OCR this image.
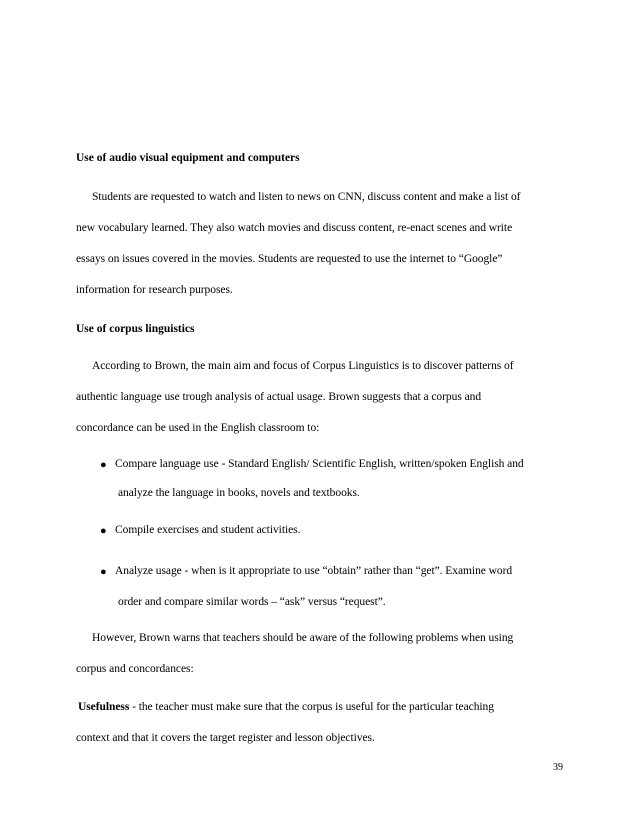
Use of audio visual equipment and computers
Students are requested to watch and listen to news on CNN, discuss content and make a list of
new vocabulary learned. They also watch movies and discuss content, re-enact scenes and write
essays on issues covered in the movies. Students are requested to use the internet to “Google”
information for research purposes.
Use of corpus linguistics
According to Brown, the main aim and focus of Corpus Linguistics is to discover patterns of
authentic language use trough analysis of actual usage. Brown suggests that a corpus and
concordance can be used in the English classroom to:
● Compare language use - Standard English/ Scientific English, written/spoken English and
analyze the language in books, novels and textbooks.
● Compile exercises and student activities.
● Analyze usage - when is it appropriate to use “obtain” rather than “get”. Examine word
order and compare similar words – “ask” versus “request”.
However, Brown warns that teachers should be aware of the following problems when using
corpus and concordances:
Usefulness - the teacher must make sure that the corpus is useful for the particular teaching
context and that it covers the target register and lesson objectives.
39
